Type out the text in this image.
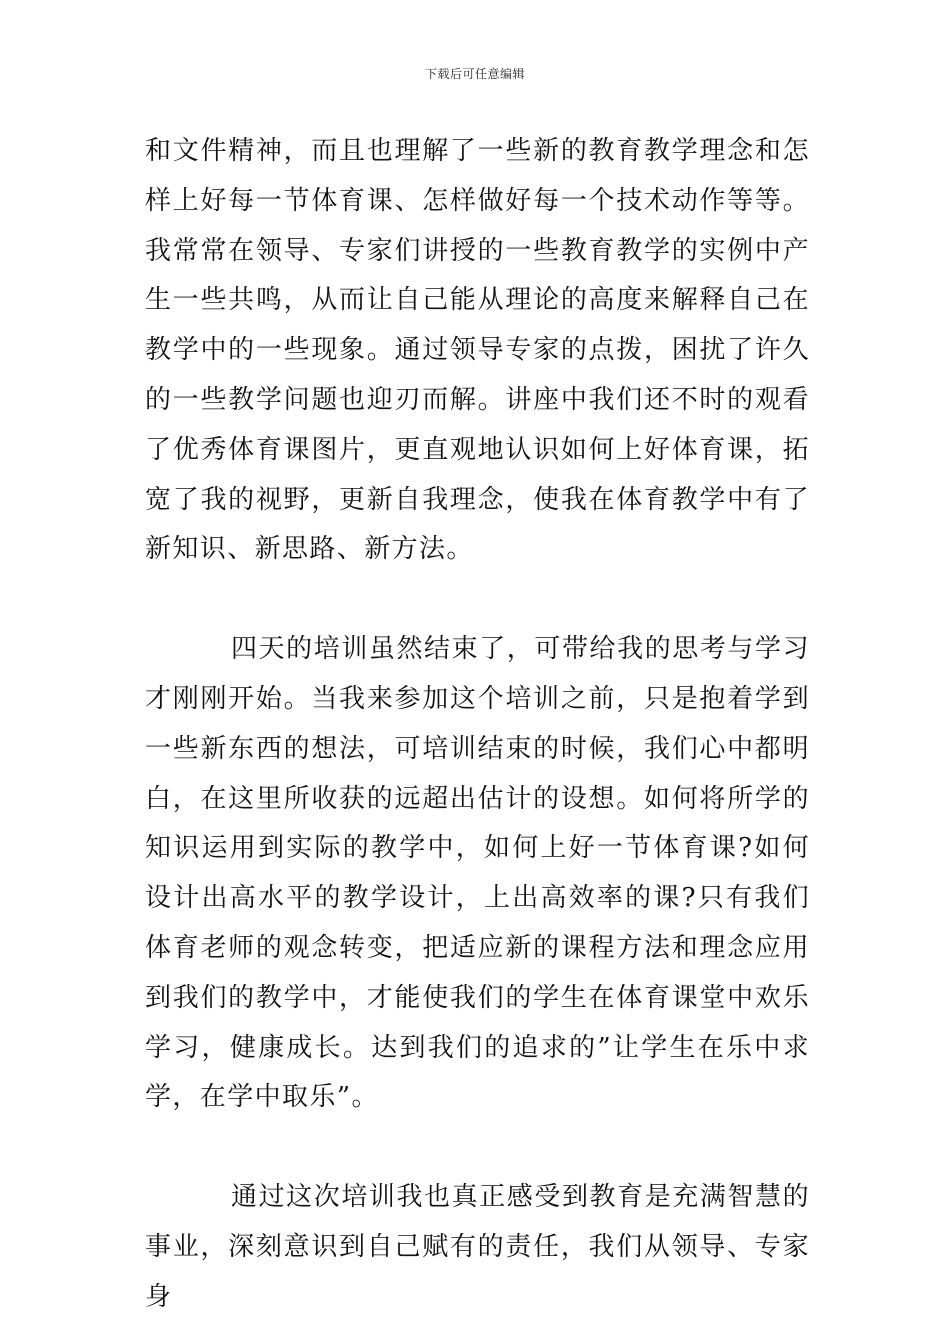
下载后可任意编辑

和文件精神，而且也理解了一些新的教育教学理念和怎样上好每一节体育课、怎样做好每一个技术动作等等。我常常在领导、专家们讲授的一些教育教学的实例中产生一些共鸣，从而让自己能从理论的高度来解释自己在教学中的一些现象。通过领导专家的点拨，困扰了许久的一些教学问题也迎刃而解。讲座中我们还不时的观看了优秀体育课图片，更直观地认识如何上好体育课，拓宽了我的视野，更新自我理念，使我在体育教学中有了新知识、新思路、新方法。

四天的培训虽然结束了，可带给我的思考与学习才刚刚开始。当我来参加这个培训之前，只是抱着学到一些新东西的想法，可培训结束的时候，我们心中都明白，在这里所收获的远超出估计的设想。如何将所学的知识运用到实际的教学中，如何上好一节体育课?如何设计出高水平的教学设计，上出高效率的课?只有我们体育老师的观念转变，把适应新的课程方法和理念应用到我们的教学中，才能使我们的学生在体育课堂中欢乐学习，健康成长。达到我们的追求的”让学生在乐中求学，在学中取乐”。

通过这次培训我也真正感受到教育是充满智慧的事业，深刻意识到自己赋有的责任，我们从领导、专家身
